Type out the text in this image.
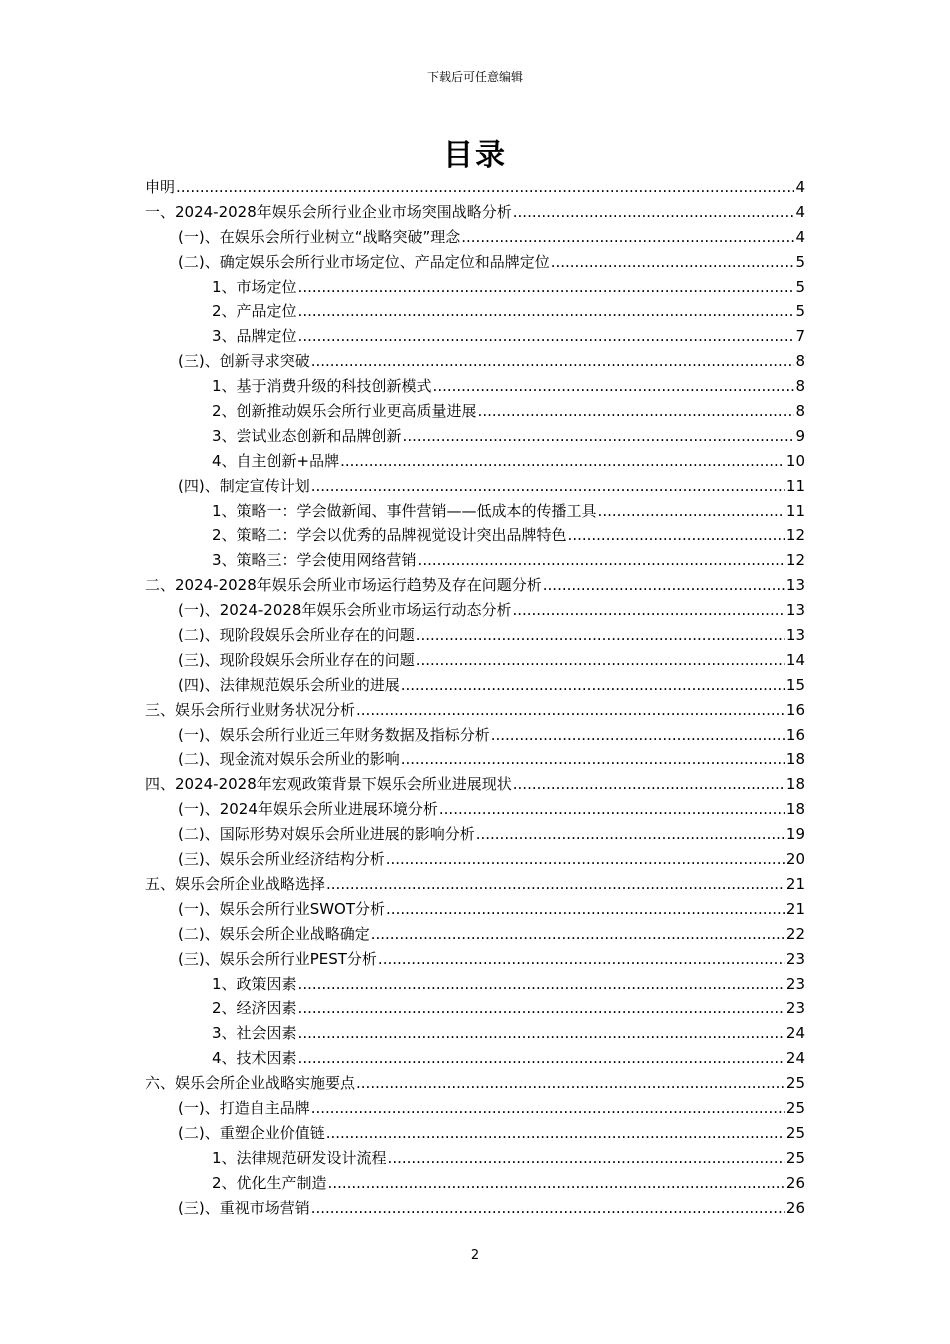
下载后可任意编辑
目录
申明 .....	4
一、2024-2028年娱乐会所行业企业市场突围战略分析 .....	4
(一)、在娱乐会所行业树立“战略突破”理念 .....	4
(二)、确定娱乐会所行业市场定位、产品定位和品牌定位 .....	5
1、市场定位 .....	5
2、产品定位 .....	5
3、品牌定位 .....	7
(三)、创新寻求突破 .....	8
1、基于消费升级的科技创新模式 .....	8
2、创新推动娱乐会所行业更高质量进展 .....	8
3、尝试业态创新和品牌创新 .....	9
4、自主创新+品牌 .....	10
(四)、制定宣传计划 .....	11
1、策略一：学会做新闻、事件营销——低成本的传播工具 .....	11
2、策略二：学会以优秀的品牌视觉设计突出品牌特色 .....	12
3、策略三：学会使用网络营销 .....	12
二、2024-2028年娱乐会所业市场运行趋势及存在问题分析 .....	13
(一)、2024-2028年娱乐会所业市场运行动态分析 .....	13
(二)、现阶段娱乐会所业存在的问题 .....	13
(三)、现阶段娱乐会所业存在的问题 .....	14
(四)、法律规范娱乐会所业的进展 .....	15
三、娱乐会所行业财务状况分析 .....	16
(一)、娱乐会所行业近三年财务数据及指标分析 .....	16
(二)、现金流对娱乐会所业的影响 .....	18
四、2024-2028年宏观政策背景下娱乐会所业进展现状 .....	18
(一)、2024年娱乐会所业进展环境分析 .....	18
(二)、国际形势对娱乐会所业进展的影响分析 .....	19
(三)、娱乐会所业经济结构分析 .....	20
五、娱乐会所企业战略选择 .....	21
(一)、娱乐会所行业SWOT分析 .....	21
(二)、娱乐会所企业战略确定 .....	22
(三)、娱乐会所行业PEST分析 .....	23
1、政策因素 .....	23
2、经济因素 .....	23
3、社会因素 .....	24
4、技术因素 .....	24
六、娱乐会所企业战略实施要点 .....	25
(一)、打造自主品牌 .....	25
(二)、重塑企业价值链 .....	25
1、法律规范研发设计流程 .....	25
2、优化生产制造 .....	26
(三)、重视市场营销 .....	26
2
